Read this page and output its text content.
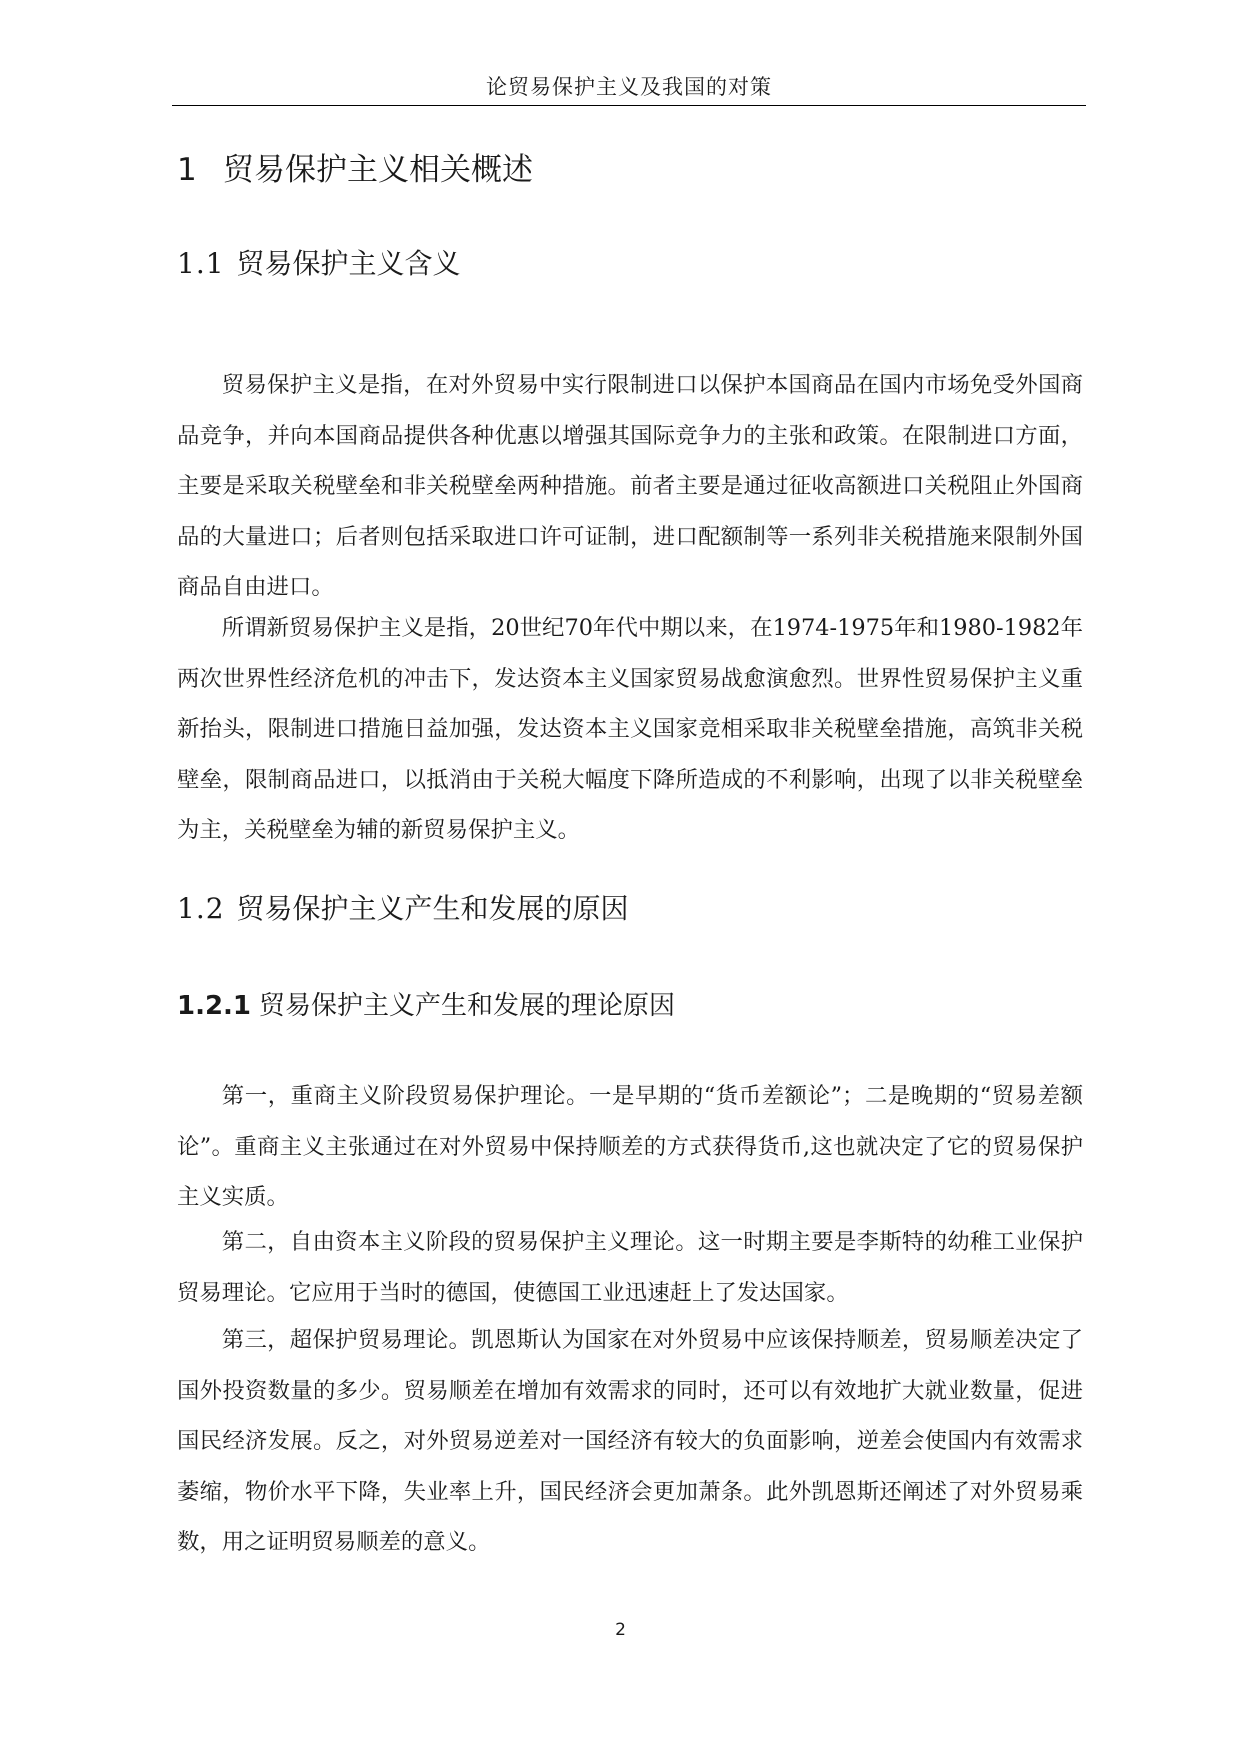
论贸易保护主义及我国的对策
1 贸易保护主义相关概述
1.1 贸易保护主义含义

贸易保护主义是指，在对外贸易中实行限制进口以保护本国商品在国内市场免受外国商品竞争，并向本国商品提供各种优惠以增强其国际竞争力的主张和政策。在限制进口方面，主要是采取关税壁垒和非关税壁垒两种措施。前者主要是通过征收高额进口关税阻止外国商品的大量进口；后者则包括采取进口许可证制，进口配额制等一系列非关税措施来限制外国商品自由进口。

所谓新贸易保护主义是指，20世纪70年代中期以来，在1974-1975年和1980-1982年两次世界性经济危机的冲击下，发达资本主义国家贸易战愈演愈烈。世界性贸易保护主义重新抬头，限制进口措施日益加强，发达资本主义国家竞相采取非关税壁垒措施，高筑非关税壁垒，限制商品进口，以抵消由于关税大幅度下降所造成的不利影响，出现了以非关税壁垒为主，关税壁垒为辅的新贸易保护主义。

1.2 贸易保护主义产生和发展的原因
1.2.1 贸易保护主义产生和发展的理论原因

第一，重商主义阶段贸易保护理论。一是早期的“货币差额论”；二是晚期的“贸易差额论”。重商主义主张通过在对外贸易中保持顺差的方式获得货币,这也就决定了它的贸易保护主义实质。

第二，自由资本主义阶段的贸易保护主义理论。这一时期主要是李斯特的幼稚工业保护贸易理论。它应用于当时的德国，使德国工业迅速赶上了发达国家。

第三，超保护贸易理论。凯恩斯认为国家在对外贸易中应该保持顺差，贸易顺差决定了国外投资数量的多少。贸易顺差在增加有效需求的同时，还可以有效地扩大就业数量，促进国民经济发展。反之，对外贸易逆差对一国经济有较大的负面影响，逆差会使国内有效需求萎缩，物价水平下降，失业率上升，国民经济会更加萧条。此外凯恩斯还阐述了对外贸易乘数，用之证明贸易顺差的意义。

2
